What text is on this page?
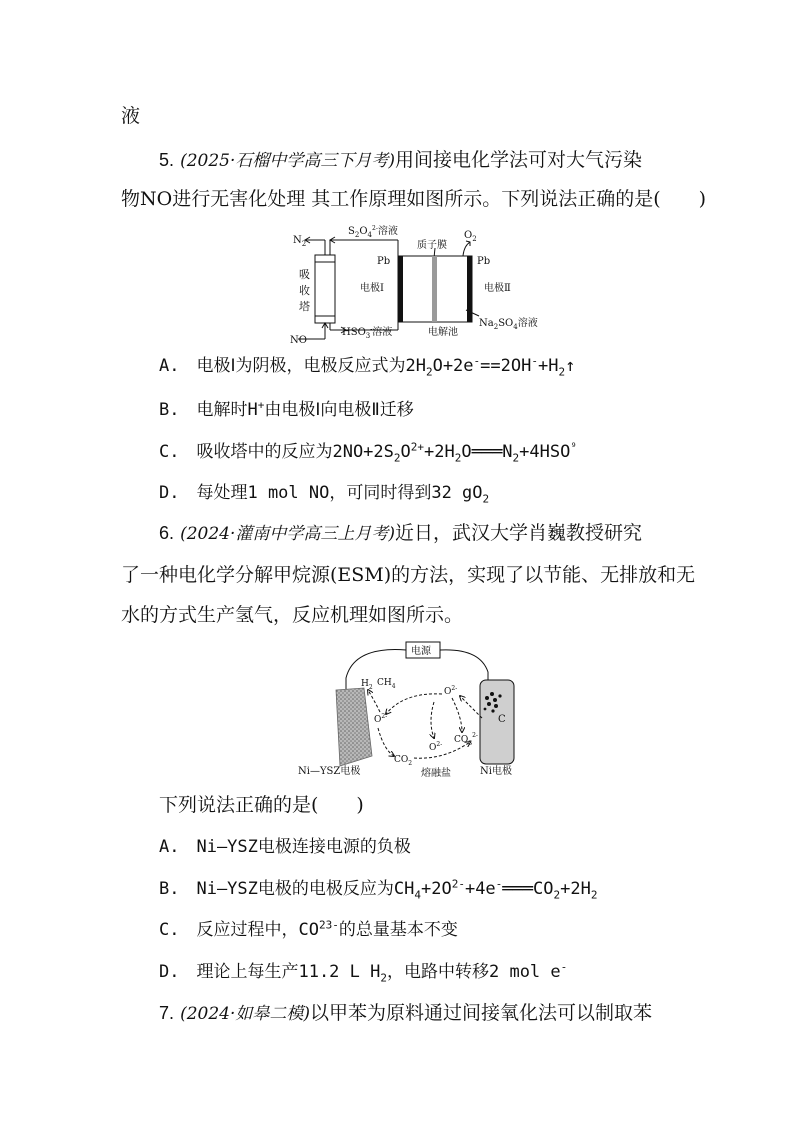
液
5. (2025·石榴中学高三下月考)用间接电化学法可对大气污染
物NO进行无害化处理 其工作原理如图所示。下列说法正确的是(　　)
$N_2$
$S_2O_4^{2-}$溶液	$O_2$
质子膜
Pb	Pb
吸
收
塔
电极Ⅰ	电极Ⅱ
NO
$HSO_3^-$溶液	电解池
$Na_2SO_4$溶液
A.　电极Ⅰ为阴极，电极反应式为$2H_2O+2e^-==2OH^-+H_2↑$
B.　电解时H+由电极Ⅰ向电极Ⅱ迁移
C.　吸收塔中的反应为$2NO+2S_2O^{2+}+2H_2O═══N_2+4HSO^{^9}$
D.　每处理1 mol NO，可同时得到32 $gO_2$
6. (2024·灌南中学高三上月考)近日，武汉大学肖巍教授研究
了一种电化学分解甲烷源(ESM)的方法，实现了以节能、无排放和无
水的方式生产氢气，反应机理如图所示。
电源
C
$H_2$ $CH_4$
$O^{2-}$
$O^{2-}$
$O^{2-}$
$CO_2$
$CO_3^{2-}$
Ni—YSZ电极	熔融盐	Ni电极
下列说法正确的是(　　)
A.　Ni—YSZ电极连接电源的负极
B.　Ni—YSZ电极的电极反应为$CH_4+2O^{2-}+4e^-═══CO_2+2H_2$
C.　反应过程中，$CO^{23-}$的总量基本不变
D.　理论上每生产11.2 L $H_2$，电路中转移2 mol e-
7. (2024·如皋二模)以甲苯为原料通过间接氧化法可以制取苯
